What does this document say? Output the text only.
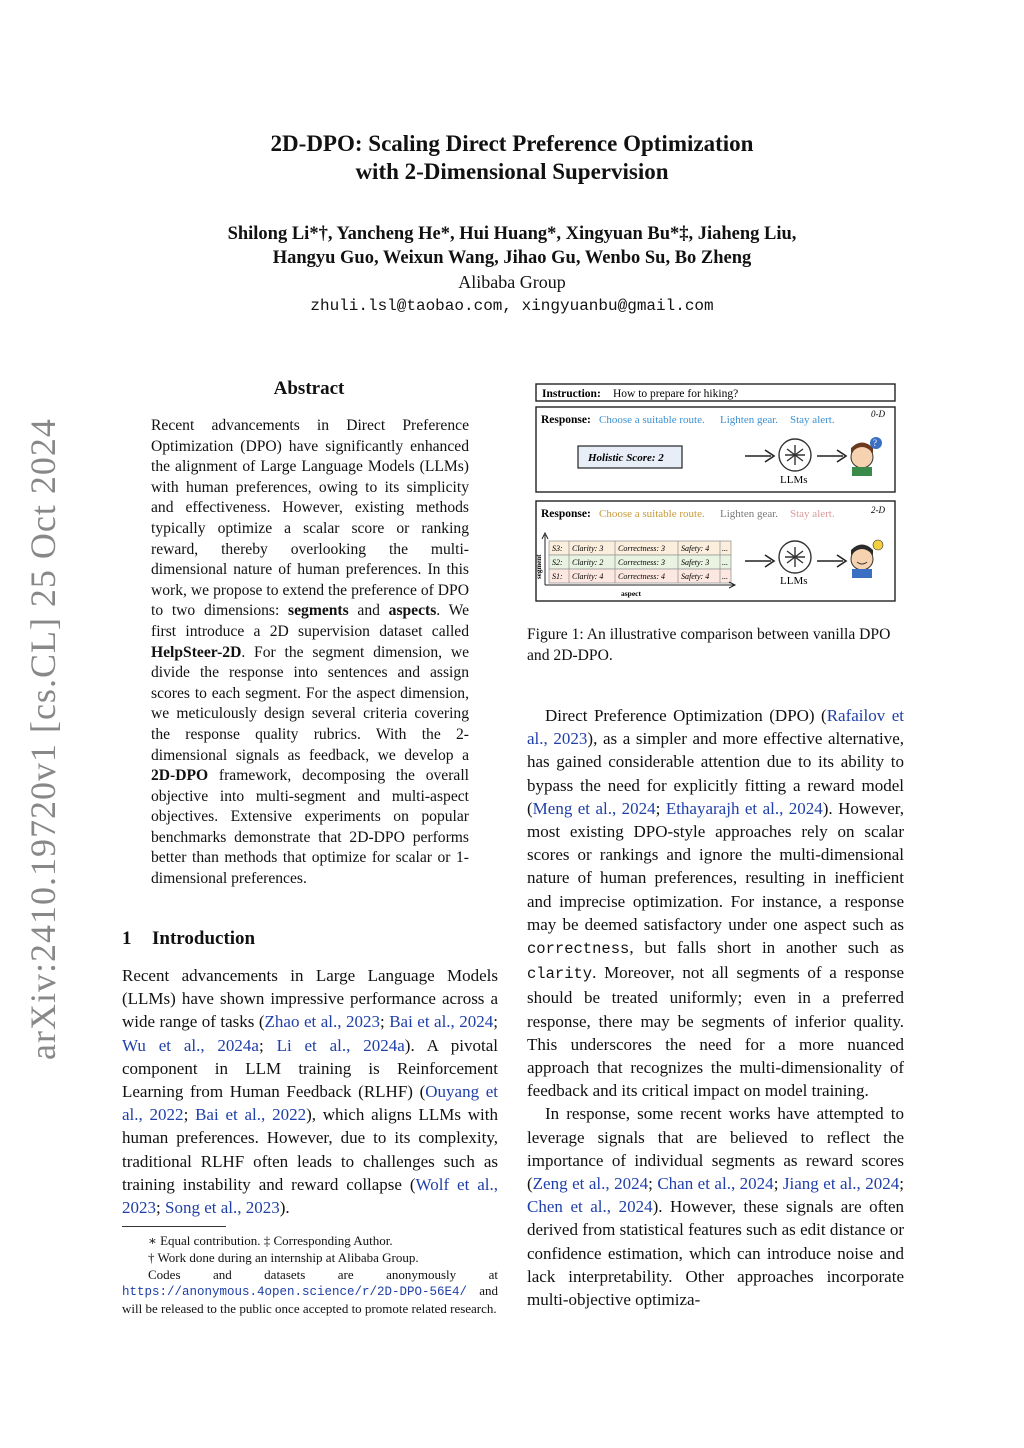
2D-DPO: Scaling Direct Preference Optimization
with 2-Dimensional Supervision
Shilong Li*†, Yancheng He*, Hui Huang*, Xingyuan Bu*‡, Jiaheng Liu,
Hangyu Guo, Weixun Wang, Jihao Gu, Wenbo Su, Bo Zheng
Alibaba Group
zhuli.lsl@taobao.com, xingyuanbu@gmail.com
arXiv:2410.19720v1 [cs.CL] 25 Oct 2024
Abstract
Recent advancements in Direct Preference Optimization (DPO) have significantly enhanced the alignment of Large Language Models (LLMs) with human preferences, owing to its simplicity and effectiveness. However, existing methods typically optimize a scalar score or ranking reward, thereby overlooking the multi-dimensional nature of human preferences. In this work, we propose to extend the preference of DPO to two dimensions: segments and aspects. We first introduce a 2D supervision dataset called HelpSteer-2D. For the segment dimension, we divide the response into sentences and assign scores to each segment. For the aspect dimension, we meticulously design several criteria covering the response quality rubrics. With the 2-dimensional signals as feedback, we develop a 2D-DPO framework, decomposing the overall objective into multi-segment and multi-aspect objectives. Extensive experiments on popular benchmarks demonstrate that 2D-DPO performs better than methods that optimize for scalar or 1-dimensional preferences.
1 Introduction

Recent advancements in Large Language Models (LLMs) have shown impressive performance across a wide range of tasks (Zhao et al., 2023; Bai et al., 2024; Wu et al., 2024a; Li et al., 2024a). A pivotal component in LLM training is Reinforcement Learning from Human Feedback (RLHF) (Ouyang et al., 2022; Bai et al., 2022), which aligns LLMs with human preferences. However, due to its complexity, traditional RLHF often leads to challenges such as training instability and reward collapse (Wolf et al., 2023; Song et al., 2023).

∗ Equal contribution. ‡ Corresponding Author.

† Work done during an internship at Alibaba Group.

Codes and datasets are anonymously at https://anonymous.4open.science/r/2D-DPO-56E4/ and will be released to the public once accepted to promote related research.

Instruction: How to prepare for hiking?
Response: Choose a suitable route. Lighten gear. Stay alert.	0-D
Holistic Score: 2
LLMs
?
Response: Choose a suitable route. Lighten gear. Stay alert.	2-D
S3: Clarity: 3 Correctness: 3 Safety: 4 ...
S2: Clarity: 2 Correctness: 3 Safety: 3 ...
S1: Clarity: 4 Correctness: 4 Safety: 4 ...
segment
aspect
LLMs
Figure 1: An illustrative comparison between vanilla DPO and 2D-DPO.

Direct Preference Optimization (DPO) (Rafailov et al., 2023), as a simpler and more effective alternative, has gained considerable attention due to its ability to bypass the need for explicitly fitting a reward model (Meng et al., 2024; Ethayarajh et al., 2024). However, most existing DPO-style approaches rely on scalar scores or rankings and ignore the multi-dimensional nature of human preferences, resulting in inefficient and imprecise optimization. For instance, a response may be deemed satisfactory under one aspect such as correctness, but falls short in another such as clarity. Moreover, not all segments of a response should be treated uniformly; even in a preferred response, there may be segments of inferior quality. This underscores the need for a more nuanced approach that recognizes the multi-dimensionality of feedback and its critical impact on model training.

In response, some recent works have attempted to leverage signals that are believed to reflect the importance of individual segments as reward scores (Zeng et al., 2024; Chan et al., 2024; Jiang et al., 2024; Chen et al., 2024). However, these signals are often derived from statistical features such as edit distance or confidence estimation, which can introduce noise and lack interpretability. Other approaches incorporate multi-objective optimiza-
